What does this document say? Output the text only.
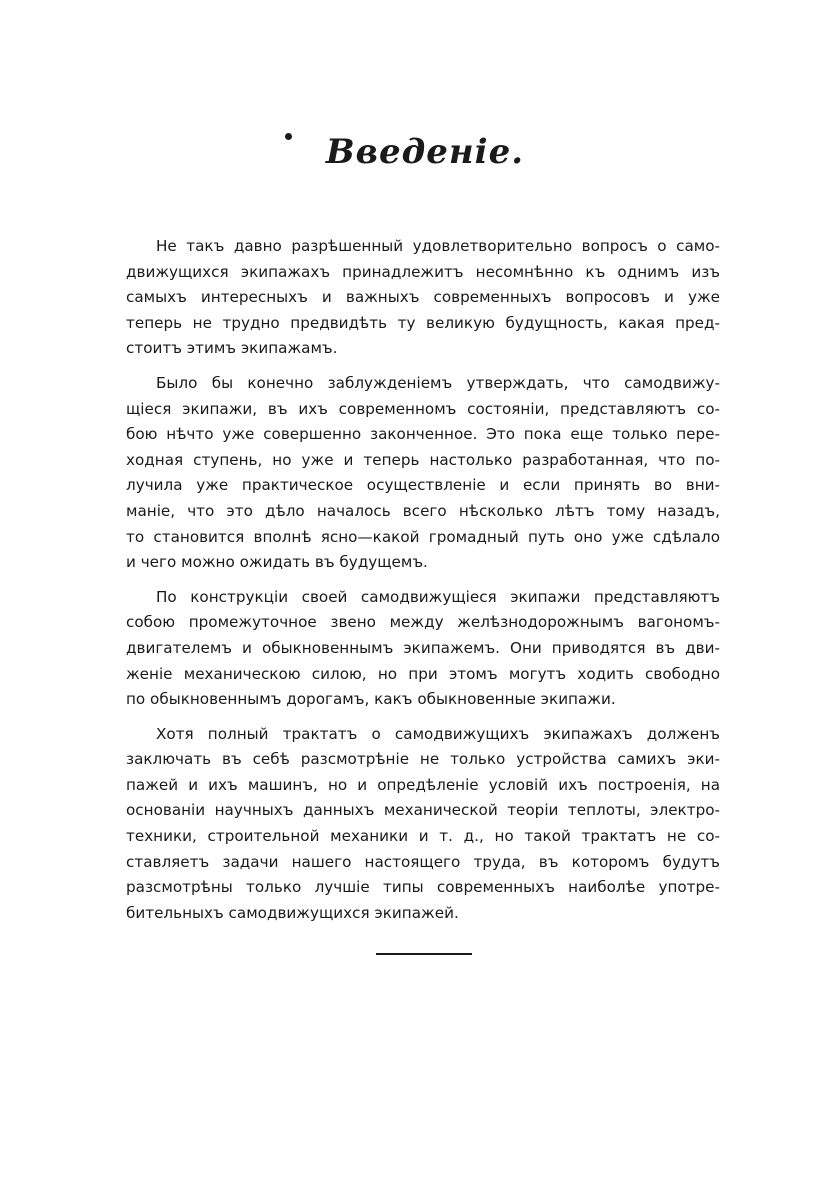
Введеніе.
Не такъ давно разрѣшенный удовлетворительно вопросъ о само-
движущихся экипажахъ принадлежитъ несомнѣнно къ однимъ изъ
самыхъ интересныхъ и важныхъ современныхъ вопросовъ и уже
теперь не трудно предвидѣть ту великую будущность, какая пред-
стоитъ этимъ экипажамъ.
Было бы конечно заблужденіемъ утверждать, что самодвижу-
щіеся экипажи, въ ихъ современномъ состояніи, представляютъ со-
бою нѣчто уже совершенно законченное. Это пока еще только пере-
ходная ступень, но уже и теперь настолько разработанная, что по-
лучила уже практическое осуществленіе и если принять во вни-
маніе, что это дѣло началось всего нѣсколько лѣтъ тому назадъ,
то становится вполнѣ ясно—какой громадный путь оно уже сдѣлало
и чего можно ожидать въ будущемъ.
По конструкціи своей самодвижущіеся экипажи представляютъ
собою промежуточное звено между желѣзнодорожнымъ вагономъ-
двигателемъ и обыкновеннымъ экипажемъ. Они приводятся въ дви-
женіе механическою силою, но при этомъ могутъ ходить свободно
по обыкновеннымъ дорогамъ, какъ обыкновенные экипажи.
Хотя полный трактатъ о самодвижущихъ экипажахъ долженъ
заключать въ себѣ разсмотрѣніе не только устройства самихъ эки-
пажей и ихъ машинъ, но и опредѣленіе условій ихъ построенія, на
основаніи научныхъ данныхъ механической теоріи теплоты, электро-
техники, строительной механики и т. д., но такой трактатъ не со-
ставляетъ задачи нашего настоящего труда, въ которомъ будутъ
разсмотрѣны только лучшіе типы современныхъ наиболѣе употре-
бительныхъ самодвижущихся экипажей.
